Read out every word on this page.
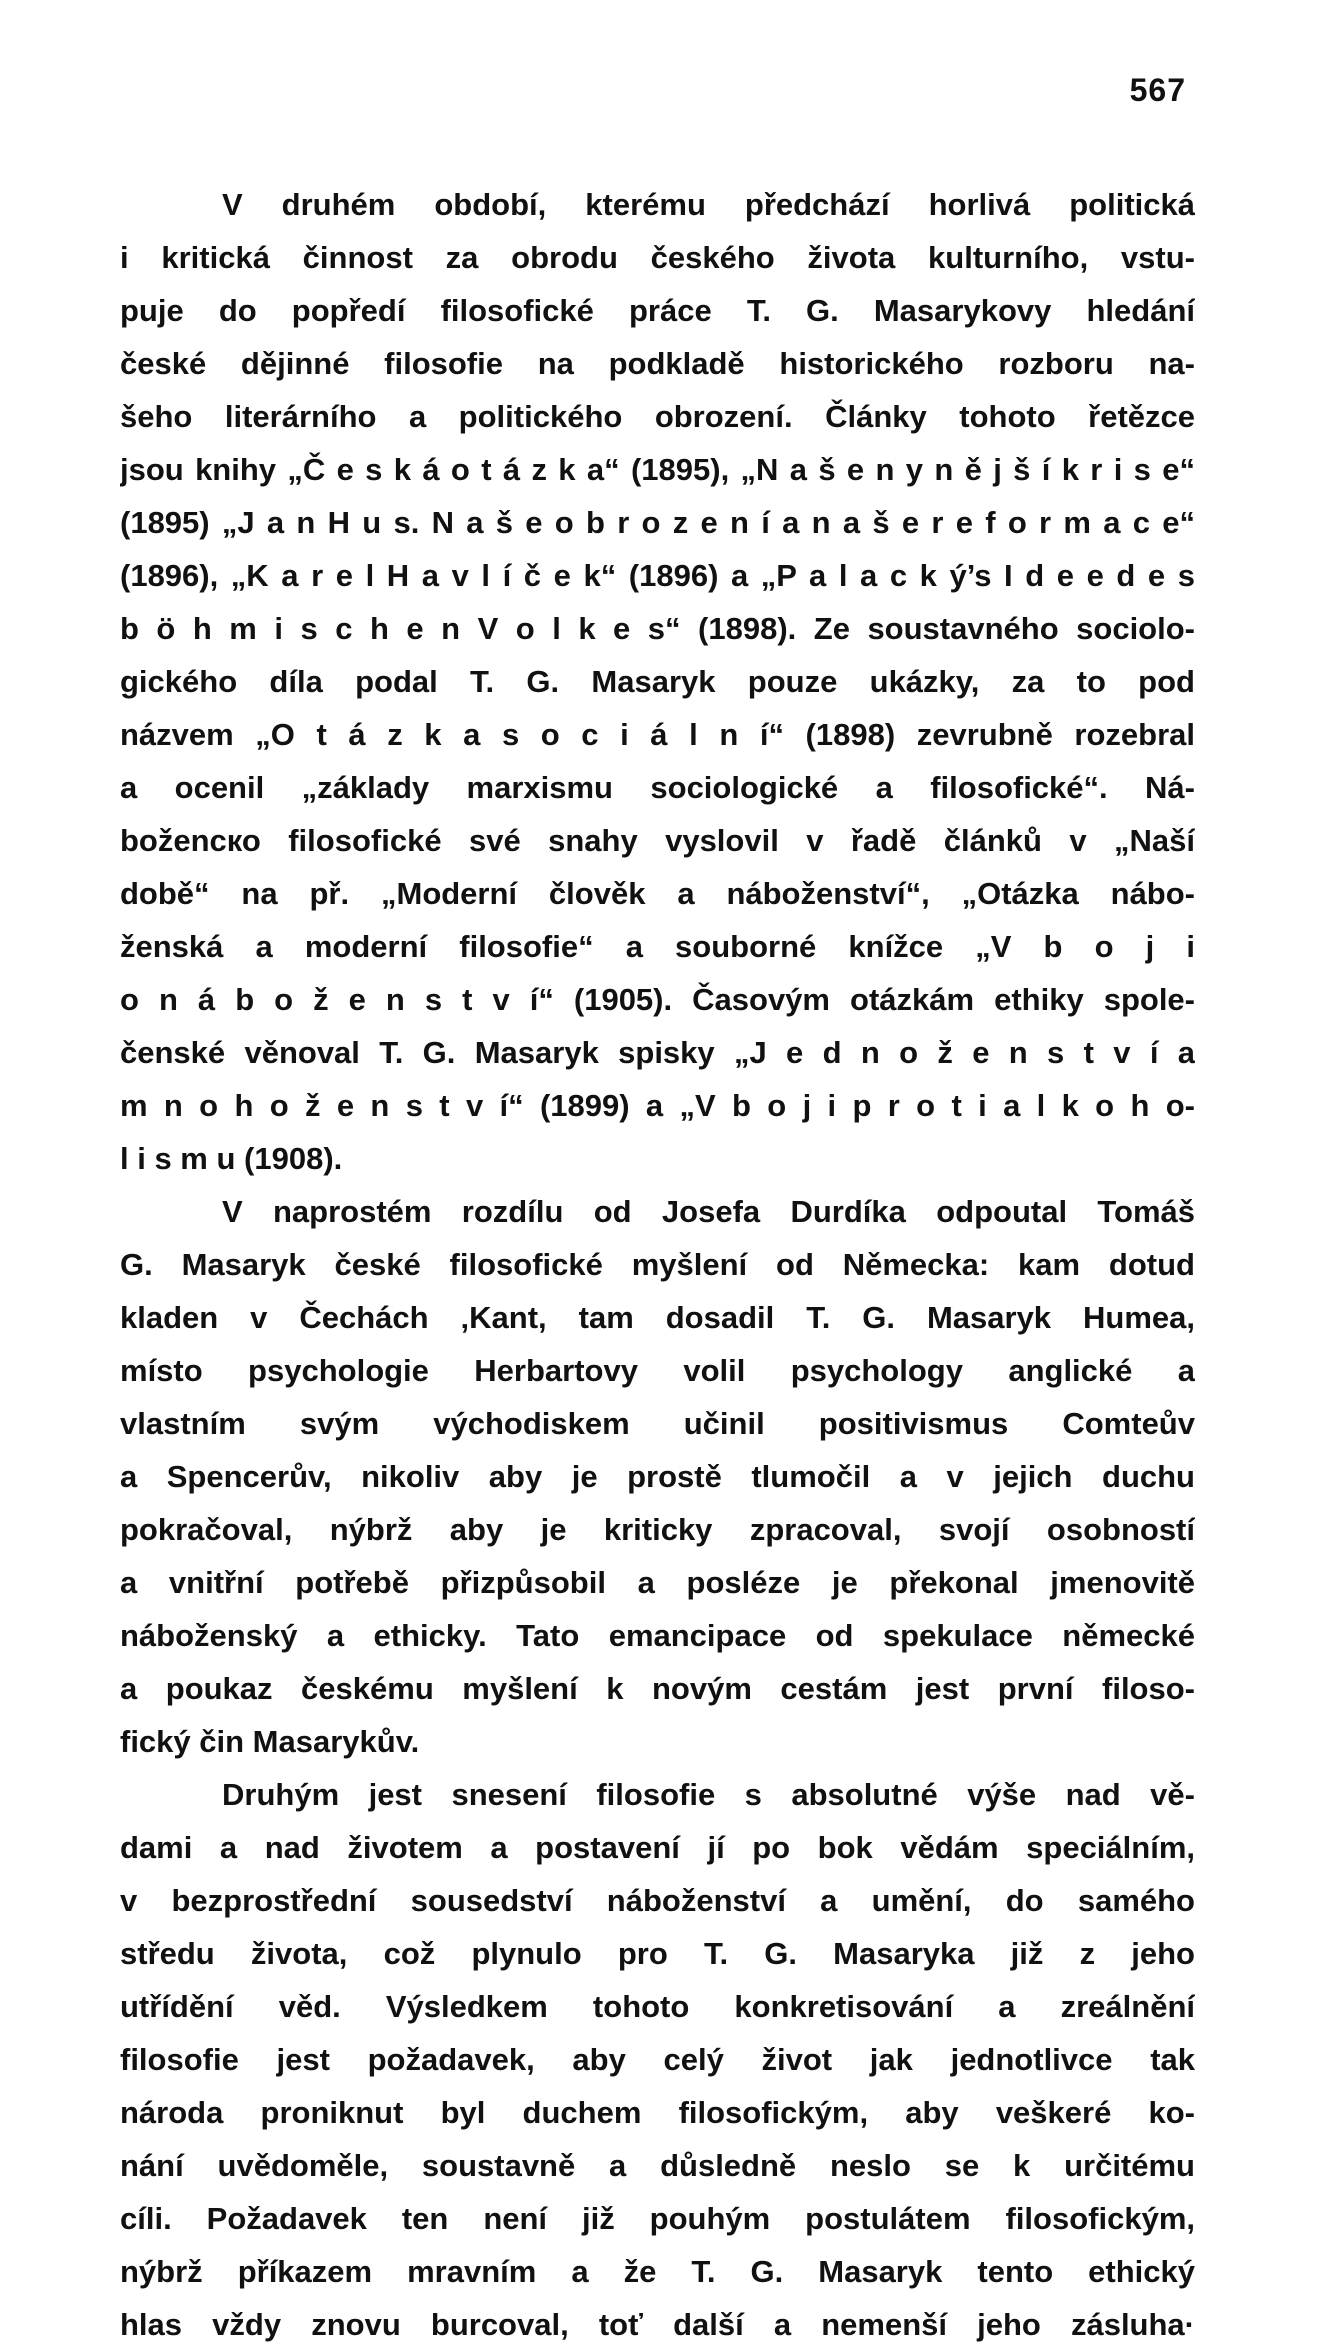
567
V druhém období, kterému předchází horlivá politická
i kritická činnost za obrodu českého života kulturního, vstu-
puje do popředí filosofické práce T. G. Masarykovy hledání
české dějinné filosofie na podkladě historického rozboru na-
šeho literárního a politického obrození. Články tohoto řetězce
jsou knihy „Č e s k á o t á z k a“ (1895), „N a š e n y n ě j š í k r i s e“
(1895) „J a n H u s. N a š e o b r o z e n í a n a š e r e f o r m a c e“
(1896), „K a r e l H a v l í č e k“ (1896) a „P a l a c k ý’s I d e e d e s
b ö h m i s c h e n V o l k e s“ (1898). Ze soustavného sociolo-
gického díla podal T. G. Masaryk pouze ukázky, za to pod
názvem „O t á z k a s o c i á l n í“ (1898) zevrubně rozebral
a ocenil „základy marxismu sociologické a filosofické“. Ná-
boženско filosofické své snahy vyslovil v řadě článků v „Naší
době“ na př. „Moderní člověk a náboženství“, „Otázka nábo-
ženská a moderní filosofie“ a souborné knížce „V b o j i
o n á b o ž e n s t v í“ (1905). Časovým otázkám ethiky spole-
čenské věnoval T. G. Masaryk spisky „J e d n o ž e n s t v í a
m n o h o ž e n s t v í“ (1899) a „V b o j i p r o t i a l k o h o-
l i s m u (1908).
V naprostém rozdílu od Josefa Durdíka odpoutal Tomáš
G. Masaryk české filosofické myšlení od Německa: kam dotud
kladen v Čechách ‚Kant, tam dosadil T. G. Masaryk Humea,
místo psychologie Herbartovy volil psychology anglické a
vlastním svým východiskem učinil positivismus Comteův
a Spencerův, nikoliv aby je prostě tlumočil a v jejich duchu
pokračoval, nýbrž aby je kriticky zpracoval, svojí osobností
a vnitřní potřebě přizpůsobil a posléze je překonal jmenovitě
náboženský a ethicky. Tato emancipace od spekulace německé
a poukaz českému myšlení k novým cestám jest první filoso-
fický čin Masarykův.
Druhým jest snesení filosofie s absolutné výše nad vě-
dami a nad životem a postavení jí po bok vědám speciálním,
v bezprostřední sousedství náboženství a umění, do samého
středu života, což plynulo pro T. G. Masaryka již z jeho
utřídění věd. Výsledkem tohoto konkretisování a zreálnění
filosofie jest požadavek, aby celý život jak jednotlivce tak
národa proniknut byl duchem filosofickým, aby veškeré ko-
nání uvědoměle, soustavně a důsledně neslo se k určitému
cíli. Požadavek ten není již pouhým postulátem filosofickým,
nýbrž příkazem mravním a že T. G. Masaryk tento ethický
hlas vždy znovu burcoval, toť další a nemenší jeho zásluha·
